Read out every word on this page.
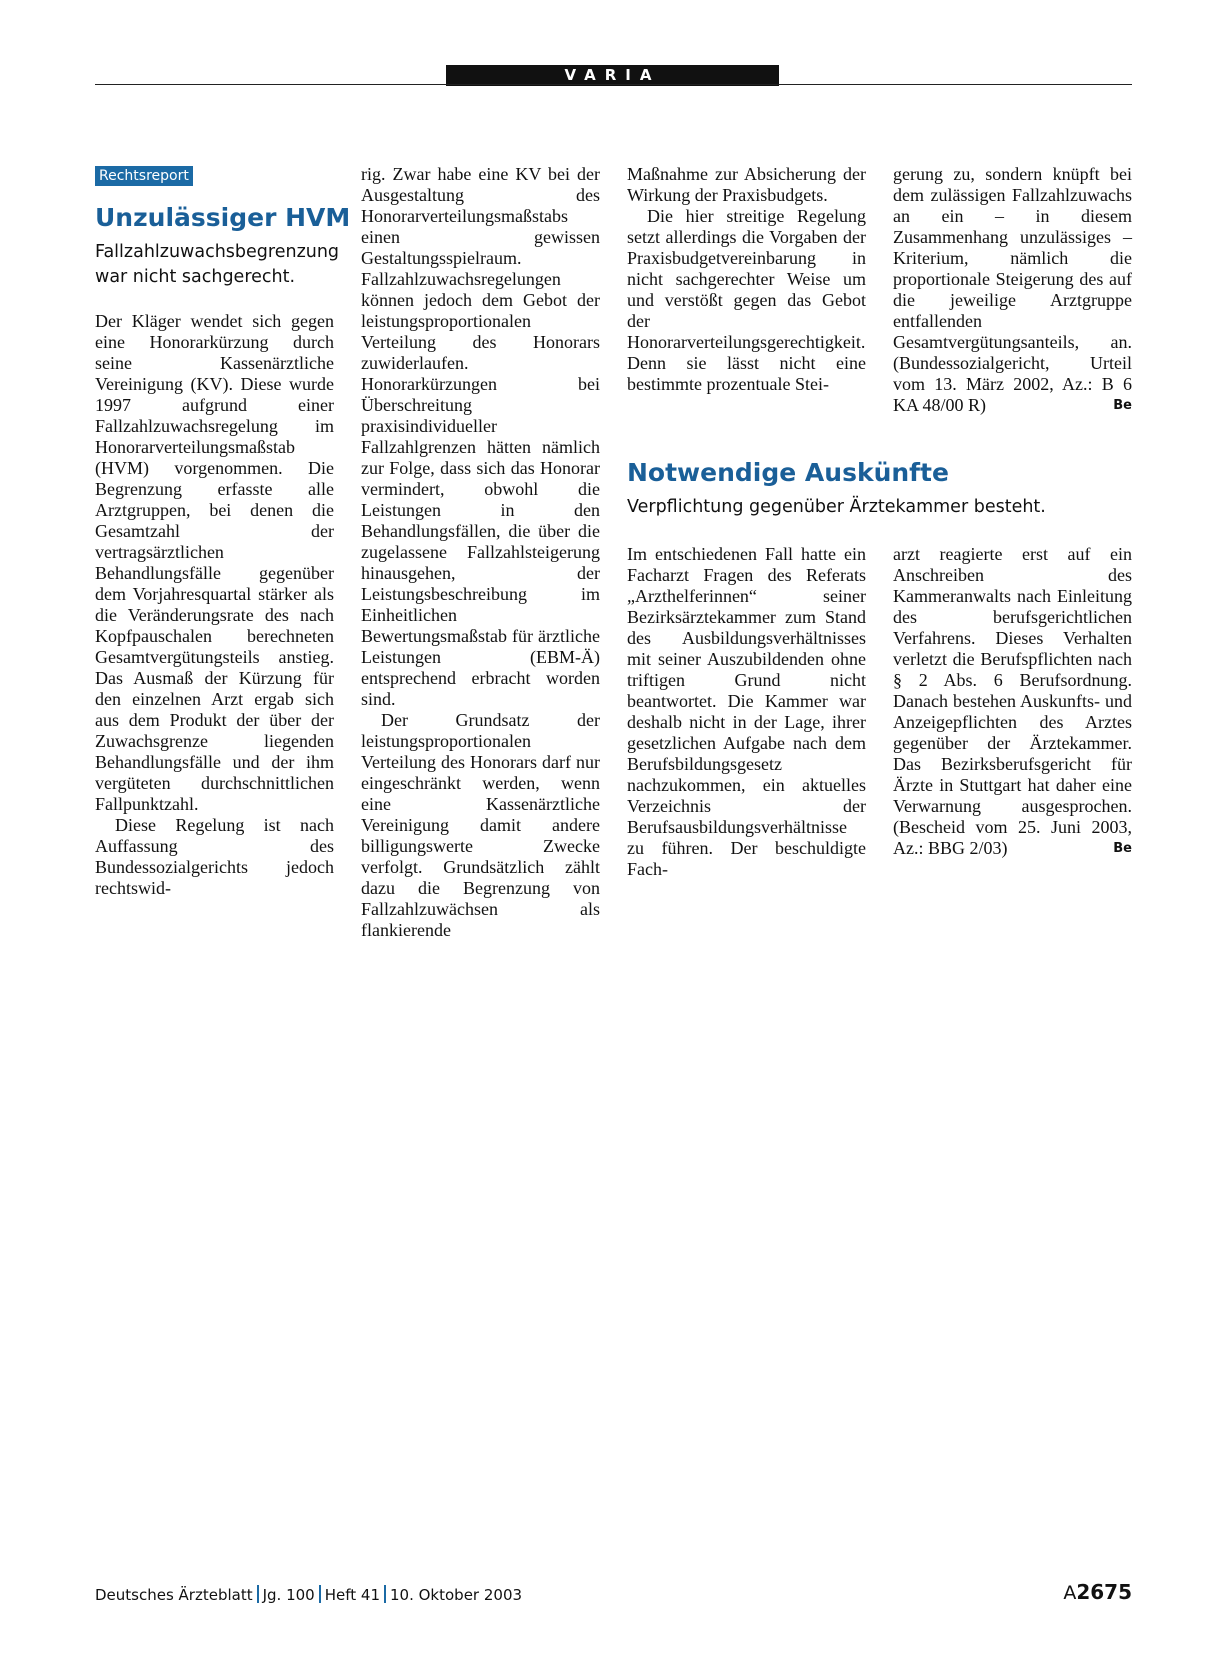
VARIA
Rechtsreport
Unzulässiger HVM

Fallzahlzuwachsbegrenzung war nicht sachgerecht.

Der Kläger wendet sich gegen eine Honorarkürzung durch seine Kassenärztliche Vereinigung (KV). Diese wurde 1997 aufgrund einer Fallzahlzuwachsregelung im Honorarverteilungsmaßstab (HVM) vorgenommen. Die Begrenzung erfasste alle Arztgruppen, bei denen die Gesamtzahl der vertragsärztlichen Behandlungsfälle gegenüber dem Vorjahresquartal stärker als die Veränderungsrate des nach Kopfpauschalen berechneten Gesamtvergütungsteils anstieg. Das Ausmaß der Kürzung für den einzelnen Arzt ergab sich aus dem Produkt der über der Zuwachsgrenze liegenden Behandlungsfälle und der ihm vergüteten durchschnittlichen Fallpunktzahl.

Diese Regelung ist nach Auffassung des Bundessozialgerichts jedoch rechtswid-

rig. Zwar habe eine KV bei der Ausgestaltung des Honorarverteilungsmaßstabs einen gewissen Gestaltungsspielraum. Fallzahlzuwachsregelungen können jedoch dem Gebot der leistungsproportionalen Verteilung des Honorars zuwiderlaufen. Honorarkürzungen bei Überschreitung praxisindividueller Fallzahlgrenzen hätten nämlich zur Folge, dass sich das Honorar vermindert, obwohl die Leistungen in den Behandlungsfällen, die über die zugelassene Fallzahlsteigerung hinausgehen, der Leistungsbeschreibung im Einheitlichen Bewertungsmaßstab für ärztliche Leistungen (EBM-Ä) entsprechend erbracht worden sind.

Der Grundsatz der leistungsproportionalen Verteilung des Honorars darf nur eingeschränkt werden, wenn eine Kassenärztliche Vereinigung damit andere billigungswerte Zwecke verfolgt. Grundsätzlich zählt dazu die Begrenzung von Fallzahlzuwächsen als flankierende

Maßnahme zur Absicherung der Wirkung der Praxisbudgets.

Die hier streitige Regelung setzt allerdings die Vorgaben der Praxisbudgetvereinbarung in nicht sachgerechter Weise um und verstößt gegen das Gebot der Honorarverteilungsgerechtigkeit. Denn sie lässt nicht eine bestimmte prozentuale Stei-

gerung zu, sondern knüpft bei dem zulässigen Fallzahlzuwachs an ein – in diesem Zusammenhang unzulässiges – Kriterium, nämlich die proportionale Steigerung des auf die jeweilige Arztgruppe entfallenden Gesamtvergütungsanteils, an. (Bundessozialgericht, Urteil vom 13. März 2002, Az.: B 6 KA 48/00 R)	Be

Notwendige Auskünfte

Verpflichtung gegenüber Ärztekammer besteht.

Im entschiedenen Fall hatte ein Facharzt Fragen des Referats „Arzthelferinnen“ seiner Bezirksärztekammer zum Stand des Ausbildungsverhältnisses mit seiner Auszubildenden ohne triftigen Grund nicht beantwortet. Die Kammer war deshalb nicht in der Lage, ihrer gesetzlichen Aufgabe nach dem Berufsbildungsgesetz nachzukommen, ein aktuelles Verzeichnis der Berufsausbildungsverhältnisse zu führen. Der beschuldigte Fach-

arzt reagierte erst auf ein Anschreiben des Kammeranwalts nach Einleitung des berufsgerichtlichen Verfahrens. Dieses Verhalten verletzt die Berufspflichten nach § 2 Abs. 6 Berufsordnung. Danach bestehen Auskunfts- und Anzeigepflichten des Arztes gegenüber der Ärztekammer. Das Bezirksberufsgericht für Ärzte in Stuttgart hat daher eine Verwarnung ausgesprochen. (Bescheid vom 25. Juni 2003, Az.: BBG 2/03)	Be

Deutsches Ärzteblatt Jg. 100 Heft 41 10. Oktober 2003	A2675
